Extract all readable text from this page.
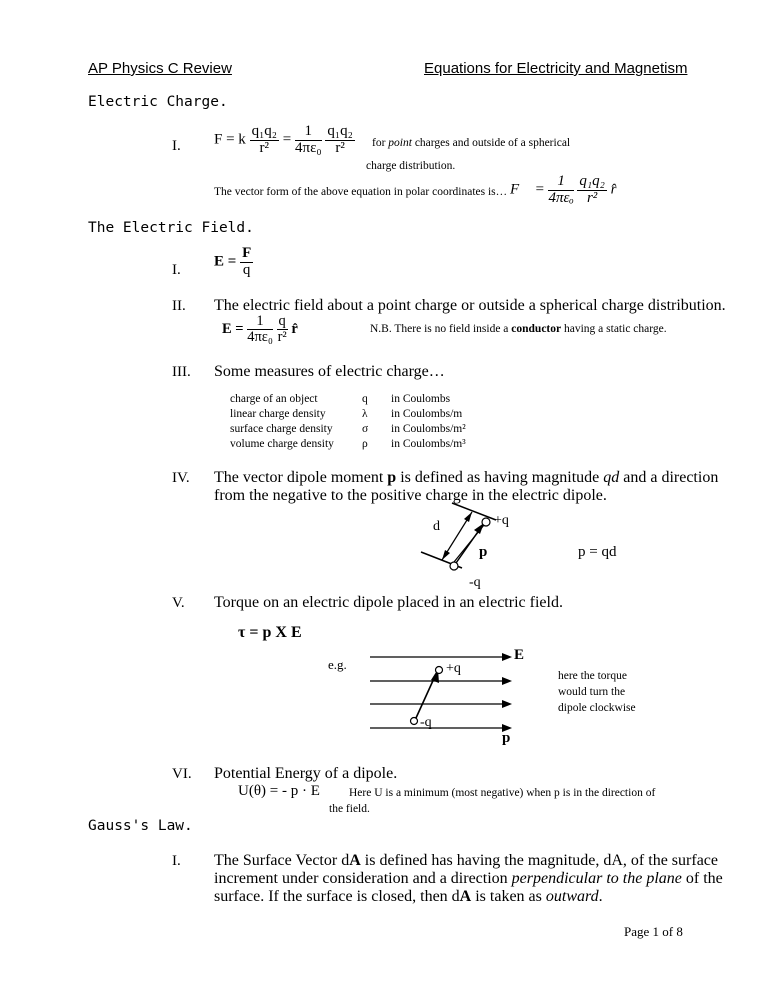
AP Physics C Review	Equations for Electricity and Magnetism
Electric Charge.
I. F = k $\frac{\text{q₁q₂}}{\text{r²}} = \frac{1}{\text{4πε₀}}$
$\frac{\text{q₁q₂}}{\text{r²}}$ for point charges and outside of a spherical
charge distribution.
The vector form of the above equation in polar coordinates is… F⃗ = $\frac{1}{\text{4πεₒ}}$
$\frac{\text{q₁q₂}}{\text{r²}}$ r̂
The Electric Field.
I.
$E = \frac{F}{q}$
II. The electric field about a point charge or outside a spherical charge distribution.
$E = \frac{1}{\text{4πε₀}}$
$\frac{q}{\text{r²}}$ r̂	N.B. There is no field inside a conductor having a static charge.
III. Some measures of electric charge…
charge of an object	q in Coulombs
linear charge density	λ in Coulombs/m
surface charge density	σ in Coulombs/m²
volume charge density ρ in Coulombs/m³
IV. The vector dipole moment p is defined as having magnitude qd and a direction
from the negative to the positive charge in the electric dipole.
d	+q
p	p = qd
-q
V. Torque on an electric dipole placed in an electric field.
τ = p X E
e.g.
E
+q
-q
p
here the torque
would turn the
dipole clockwise
VI. Potential Energy of a dipole.
U(θ) = - p · E	Here U is a minimum (most negative) when p is in the direction of
the field.
Gauss's Law.
I. The Surface Vector dA is defined has having the magnitude, dA, of the surface
increment under consideration and a direction perpendicular to the plane of the
surface. If the surface is closed, then dA is taken as outward.
Page 1 of 8
